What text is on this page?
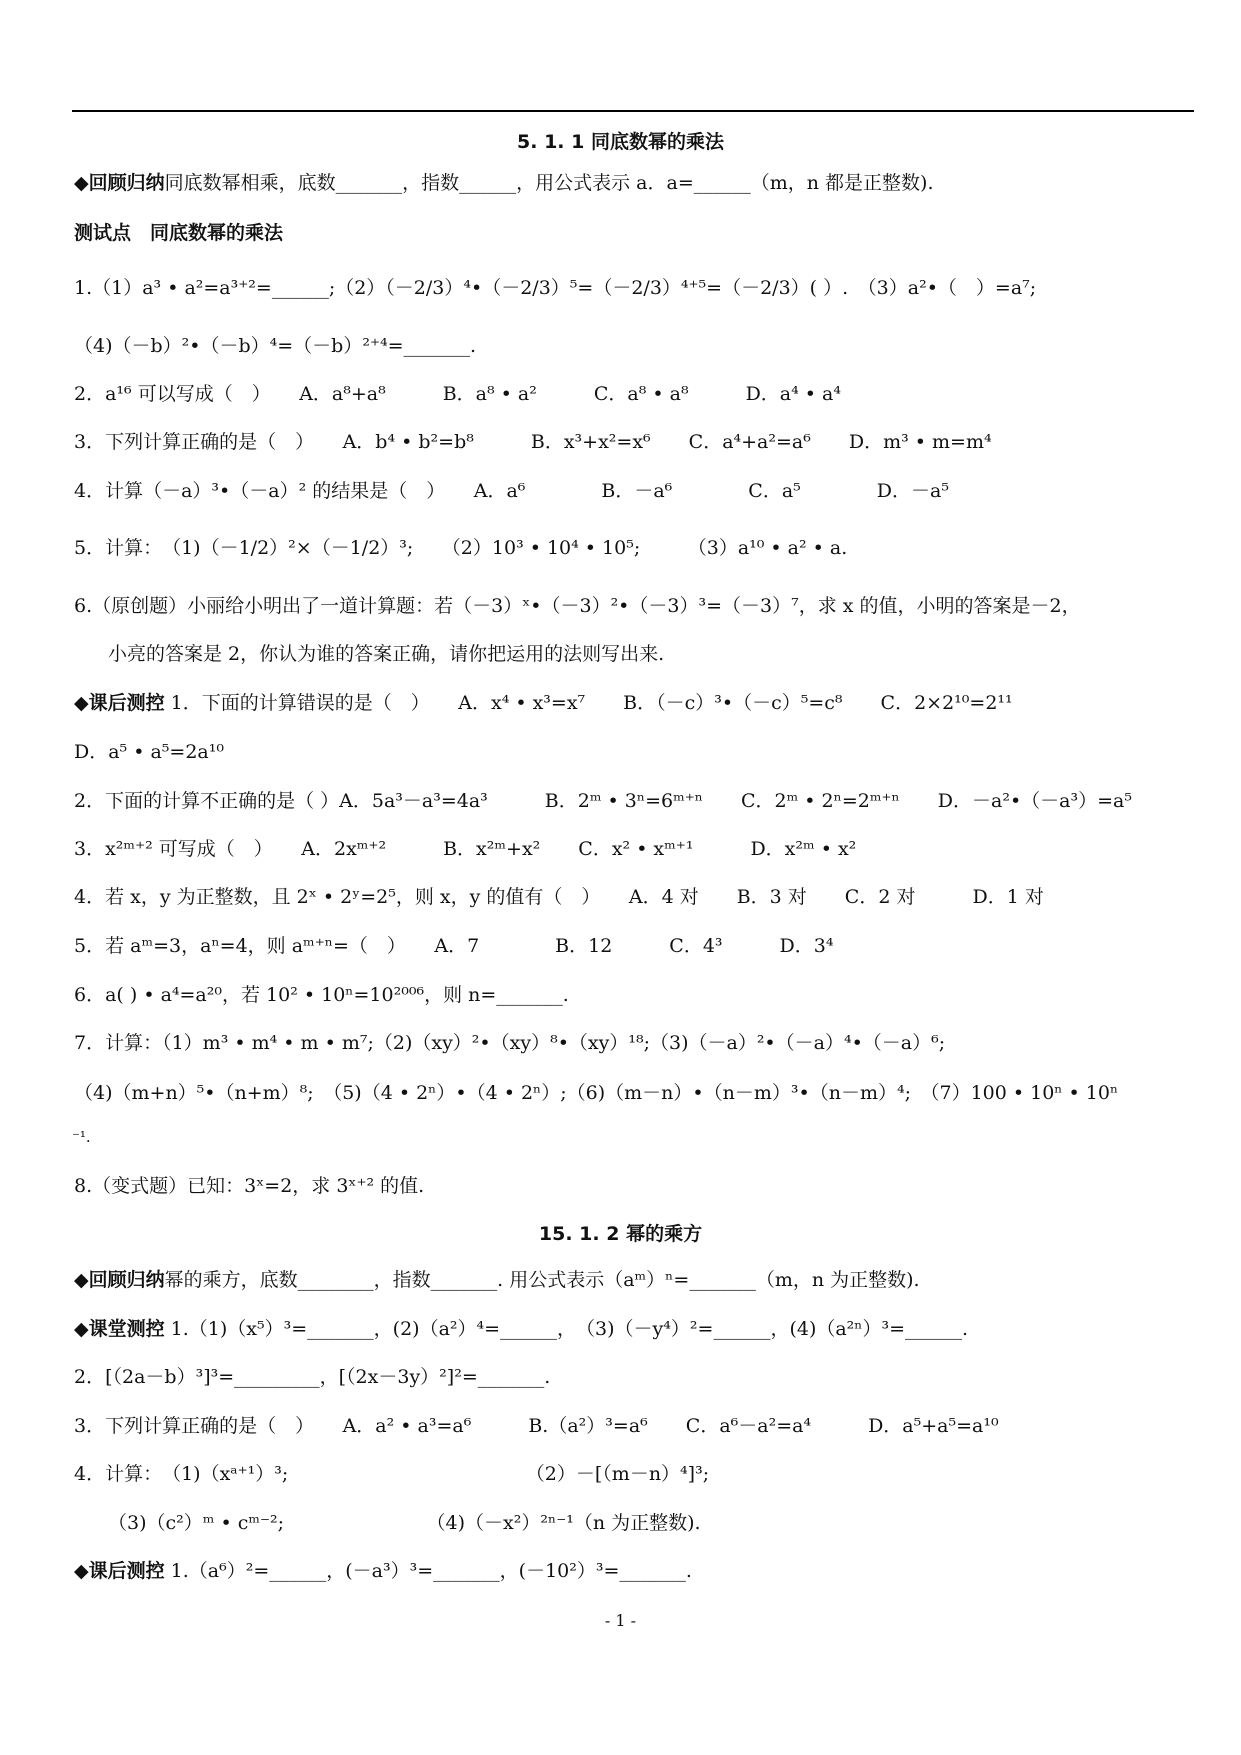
5. 1. 1 同底数幂的乘法
◆回顾归纳同底数幂相乘，底数_______，指数______，用公式表示 a．a=______（m，n 都是正整数).
测试点　同底数幂的乘法
1.（1）a³ • a²=a³⁺²=______;（2）（－2/3）⁴•（－2/3）⁵=（－2/3）⁴⁺⁵=（－2/3）( ）.　（3）a²•（　）=a⁷;
（4)（－b）²•（－b）⁴=（－b）²⁺⁴=_______.
2．a¹⁶ 可以写成（　）　　A．a⁸+a⁸　　　B．a⁸ • a²　　　C．a⁸ • a⁸　　　D．a⁴ • a⁴
3．下列计算正确的是（　）　　A．b⁴ • b²=b⁸　　　B．x³+x²=x⁶　　C．a⁴+a²=a⁶　　D．m³ • m=m⁴
4．计算（－a）³•（－a）² 的结果是（　）　　A．a⁶　　　　B．－a⁶　　　　C．a⁵　　　　D．－a⁵
5．计算：　（1)（－1/2）²×（－1/2）³;　　（2）10³ • 10⁴ • 10⁵;　　　（3）a¹⁰ • a² • a.
6.（原创题）小丽给小明出了一道计算题：若（－3）ˣ•（－3）²•（－3）³=（－3）⁷，求 x 的值，小明的答案是－2，
小亮的答案是 2，你认为谁的答案正确，请你把运用的法则写出来.
◆课后测控 1．下面的计算错误的是（　）　　A．x⁴ • x³=x⁷　　B．（－c）³•（－c）⁵=c⁸　　C．2×2¹⁰=2¹¹
D．a⁵ • a⁵=2a¹⁰
2．下面的计算不正确的是（ ）A．5a³－a³=4a³　　　B．2ᵐ • 3ⁿ=6ᵐ⁺ⁿ　　C．2ᵐ • 2ⁿ=2ᵐ⁺ⁿ　　D．－a²•（－a³）=a⁵
3．x²ᵐ⁺² 可写成（　）　　A．2xᵐ⁺²　　　B．x²ᵐ+x²　　C．x² • xᵐ⁺¹　　　D．x²ᵐ • x²
4．若 x，y 为正整数，且 2ˣ • 2ʸ=2⁵，则 x，y 的值有（　）　　A．4 对　　B．3 对　　C．2 对　　　D．1 对
5．若 aᵐ=3，aⁿ=4，则 aᵐ⁺ⁿ=（　）　　A．7　　　　B．12　　　C．4³　　　D．3⁴
6．a( ) • a⁴=a²⁰，若 10² • 10ⁿ=10²⁰⁰⁶，则 n=_______.
7．计算：（1）m³ • m⁴ • m • m⁷;（2)（xy）²•（xy）⁸•（xy）¹⁸;（3)（－a）²•（－a）⁴•（－a）⁶;
（4)（m+n）⁵•（n+m）⁸;　（5)（4 • 2ⁿ）•（4 • 2ⁿ）;（6)（m－n）•（n－m）³•（n－m）⁴;　（7）100 • 10ⁿ • 10ⁿ
⁻¹.
8.（变式题）已知：3ˣ=2，求 3ˣ⁺² 的值.
15. 1. 2 幂的乘方
◆回顾归纳幂的乘方，底数________，指数_______. 用公式表示（aᵐ）ⁿ=_______（m，n 为正整数).
◆课堂测控 1.（1)（x⁵）³=_______，(2)（a²）⁴=______，　（3)（－y⁴）²=______，(4)（a²ⁿ）³=______.
2．[（2a－b）³]³=_________，[（2x－3y）²]²=_______.
3．下列计算正确的是（　）　　A．a² • a³=a⁶　　　B.（a²）³=a⁶　　C．a⁶－a²=a⁴　　　D．a⁵+a⁵=a¹⁰
4．计算：　（1)（xᵃ⁺¹）³;　　　　　　　　　　　　　（2）－[（m－n）⁴]³;
（3)（c²）ᵐ • cᵐ⁻²;　　　　　　　　（4)（－x²）²ⁿ⁻¹（n 为正整数).
◆课后测控 1.（a⁶）²=______，(－a³）³=_______，(－10²）³=_______.
- 1 -
